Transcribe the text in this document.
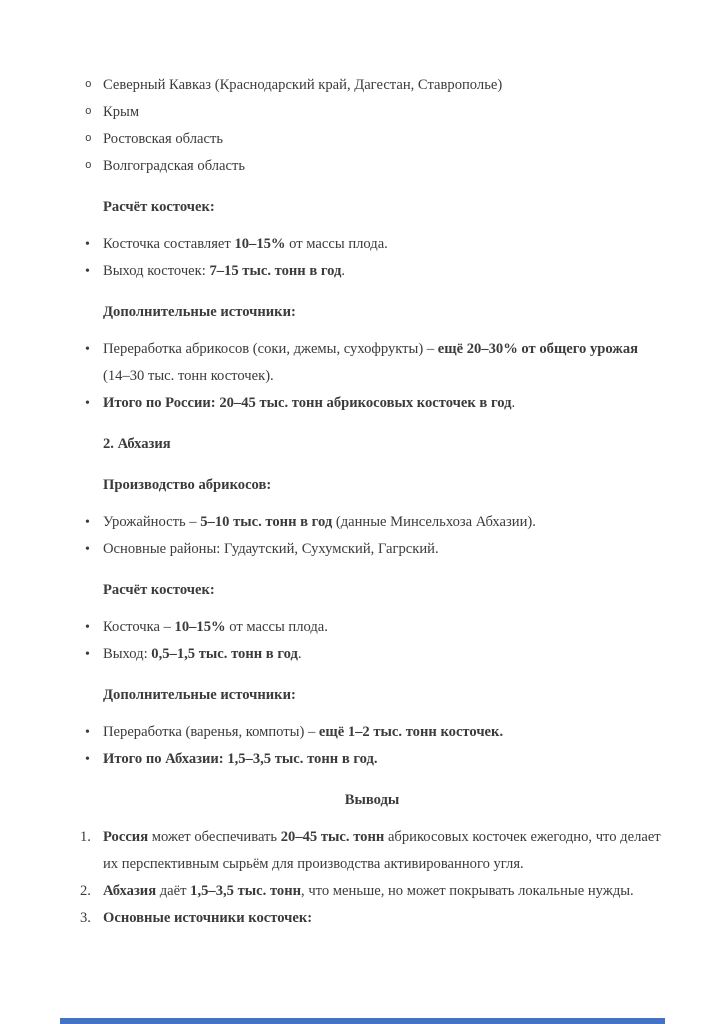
o Северный Кавказ (Краснодарский край, Дагестан, Ставрополье)
o Крым
o Ростовская область
o Волгоградская область
Расчёт косточек:
• Косточка составляет 10–15% от массы плода.
• Выход косточек: 7–15 тыс. тонн в год.
Дополнительные источники:
• Переработка абрикосов (соки, джемы, сухофрукты) – ещё 20–30% от общего урожая (14–30 тыс. тонн косточек).
• Итого по России: 20–45 тыс. тонн абрикосовых косточек в год.
2. Абхазия
Производство абрикосов:
• Урожайность – 5–10 тыс. тонн в год (данные Минсельхоза Абхазии).
• Основные районы: Гудаутский, Сухумский, Гагрский.
Расчёт косточек:
• Косточка – 10–15% от массы плода.
• Выход: 0,5–1,5 тыс. тонн в год.
Дополнительные источники:
• Переработка (варенья, компоты) – ещё 1–2 тыс. тонн косточек.
• Итого по Абхазии: 1,5–3,5 тыс. тонн в год.
Выводы
1. Россия может обеспечивать 20–45 тыс. тонн абрикосовых косточек ежегодно, что делает их перспективным сырьём для производства активированного угля.
2. Абхазия даёт 1,5–3,5 тыс. тонн, что меньше, но может покрывать локальные нужды.
3. Основные источники косточек:
